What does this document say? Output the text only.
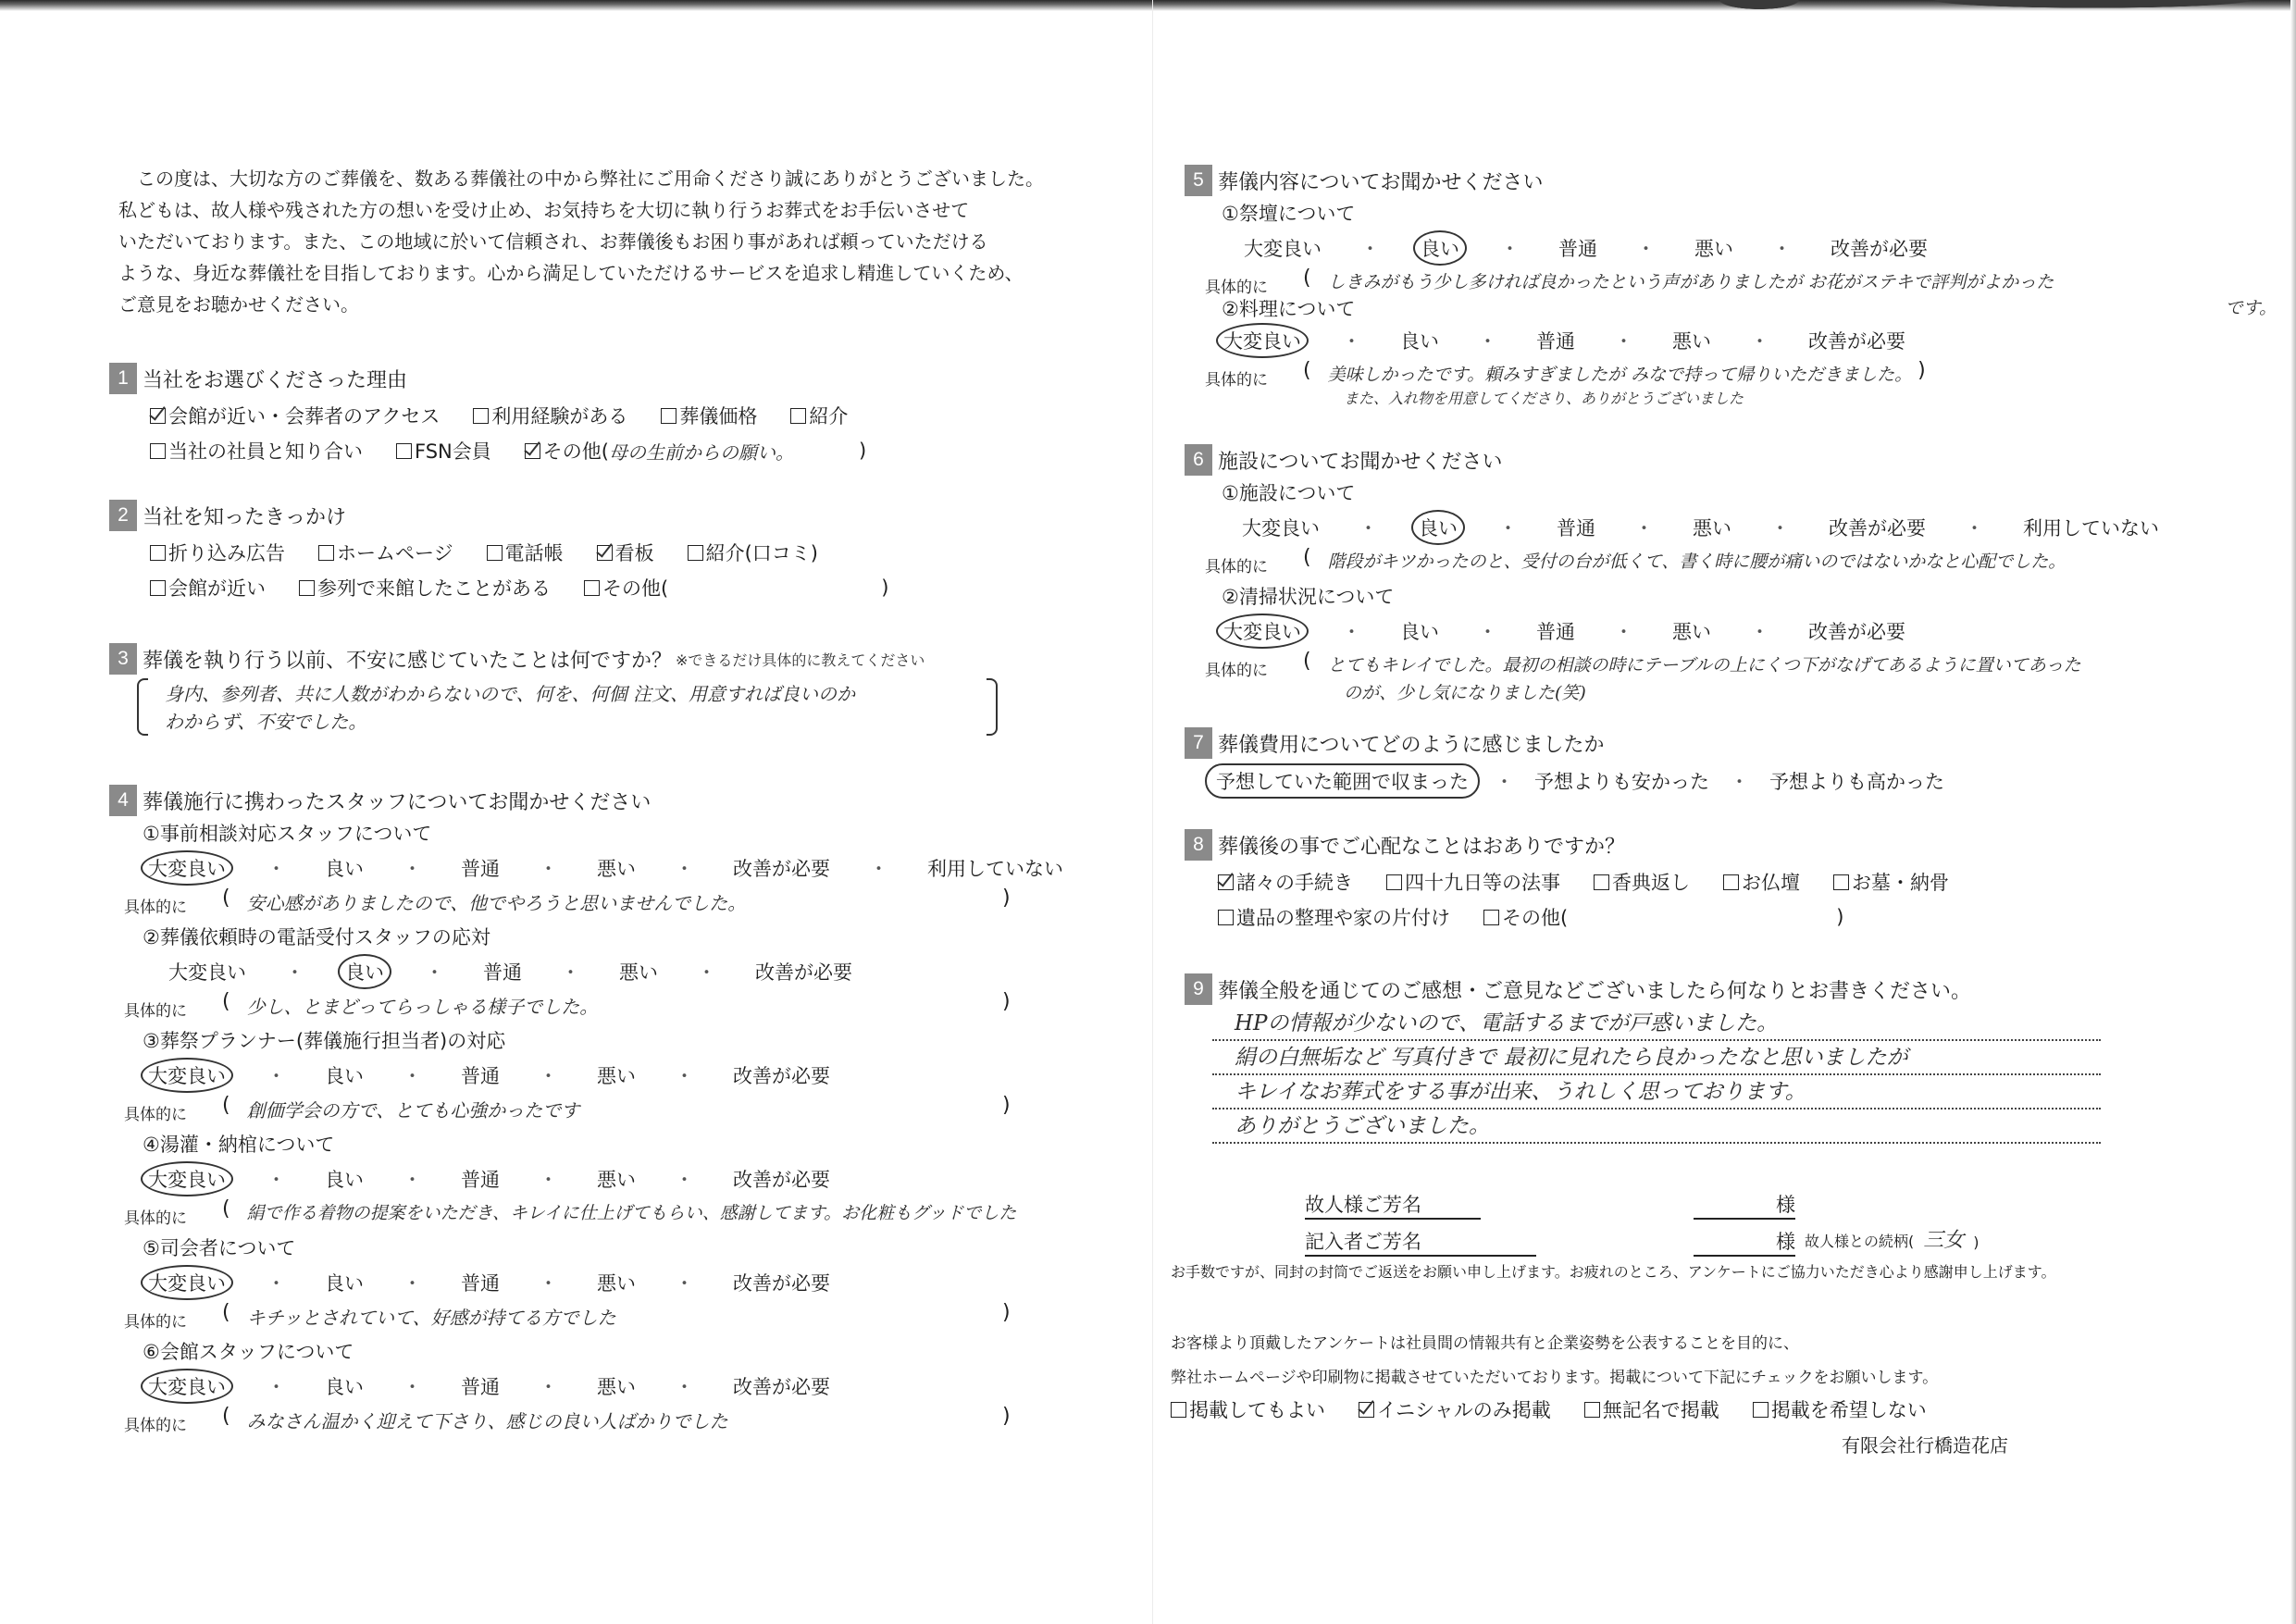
この度は、大切な方のご葬儀を、数ある葬儀社の中から弊社にご用命くださり誠にありがとうございました。

私どもは、故人様や残された方の想いを受け止め、お気持ちを大切に執り行うお葬式をお手伝いさせて

いただいております。また、この地域に於いて信頼され、お葬儀後もお困り事があれば頼っていただける

ような、身近な葬儀社を目指しております。心から満足していただけるサービスを追求し精進していくため、

ご意見をお聴かせください。

1 当社をお選びくださった理由
会館が近い・会葬者のアクセス	利用経験がある	葬儀価格	紹介
当社の社員と知り合い	FSN会員	その他( 母の生前からの願い。	)
2 当社を知ったきっかけ
折り込み広告	ホームページ	電話帳	看板	紹介(口コミ)
会館が近い	参列で来館したことがある	その他(	)
3 葬儀を執り行う以前、不安に感じていたことは何ですか？ ※できるだけ具体的に教えてください
身内、参列者、共に人数がわからないので、何を、何個 注文、用意すれば良いのか
わからず、不安でした。
4 葬儀施行に携わったスタッフについてお聞かせください
①事前相談対応スタッフについて
大変良い	・ 良い ・ 普通 ・ 悪い ・ 改善が必要 ・ 利用していない
具体的に	( 安心感がありましたので、他でやろうと思いませんでした。	)
②葬儀依頼時の電話受付スタッフの応対
大変良い ・	良い	・ 普通 ・ 悪い ・ 改善が必要
具体的に	( 少し、とまどってらっしゃる様子でした。	)
③葬祭プランナー(葬儀施行担当者)の対応
大変良い	・ 良い ・ 普通 ・ 悪い ・ 改善が必要
具体的に	( 創価学会の方で、とても心強かったです	)
④湯灌・納棺について
大変良い	・ 良い ・ 普通 ・ 悪い ・ 改善が必要
具体的に	( 絹で作る着物の提案をいただき、キレイに仕上げてもらい、感謝してます。お化粧もグッドでした
⑤司会者について
大変良い	・ 良い ・ 普通 ・ 悪い ・ 改善が必要
具体的に	( キチッとされていて、好感が持てる方でした	)
⑥会館スタッフについて
大変良い	・ 良い ・ 普通 ・ 悪い ・ 改善が必要
具体的に	( みなさん温かく迎えて下さり、感じの良い人ばかりでした	)
5 葬儀内容についてお聞かせください
①祭壇について
大変良い ・	良い	・ 普通 ・ 悪い ・ 改善が必要
具体的に	( しきみがもう少し多ければ良かったという声がありましたが お花がステキで評判がよかった
②料理について	です。
大変良い	・ 良い ・ 普通 ・ 悪い ・ 改善が必要
具体的に	( 美味しかったです。頼みすぎましたが みなで持って帰りいただきました。 )
また、入れ物を用意してくださり、ありがとうございました
6 施設についてお聞かせください
①施設について
大変良い ・	良い	・ 普通 ・ 悪い ・ 改善が必要 ・ 利用していない
具体的に	( 階段がキツかったのと、受付の台が低くて、書く時に腰が痛いのではないかなと心配でした。
②清掃状況について
大変良い	・ 良い ・ 普通 ・ 悪い ・ 改善が必要
具体的に	( とてもキレイでした。最初の相談の時にテーブルの上にくつ下がなげてあるように置いてあった
のが、少し気になりました(笑)
7 葬儀費用についてどのように感じましたか
予想していた範囲で収まった	・ 予想よりも安かった ・ 予想よりも高かった
8 葬儀後の事でご心配なことはおありですか？
諸々の手続き	四十九日等の法事	香典返し	お仏壇	お墓・納骨
遺品の整理や家の片付け	その他(	)
9 葬儀全般を通じてのご感想・ご意見などございましたら何なりとお書きください。
HPの情報が少ないので、電話するまでが戸惑いました。
絹の白無垢など 写真付きで 最初に見れたら良かったなと思いましたが
キレイなお葬式をする事が出来、うれしく思っております。
ありがとうございました。
故人様ご芳名	様
記入者ご芳名	様 故人様との続柄( 三女 )
お手数ですが、同封の封筒でご返送をお願い申し上げます。お疲れのところ、アンケートにご協力いただき心より感謝申し上げます。
お客様より頂戴したアンケートは社員間の情報共有と企業姿勢を公表することを目的に、
弊社ホームページや印刷物に掲載させていただいております。掲載について下記にチェックをお願いします。
掲載してもよい	イニシャルのみ掲載	無記名で掲載	掲載を希望しない
有限会社行橋造花店
